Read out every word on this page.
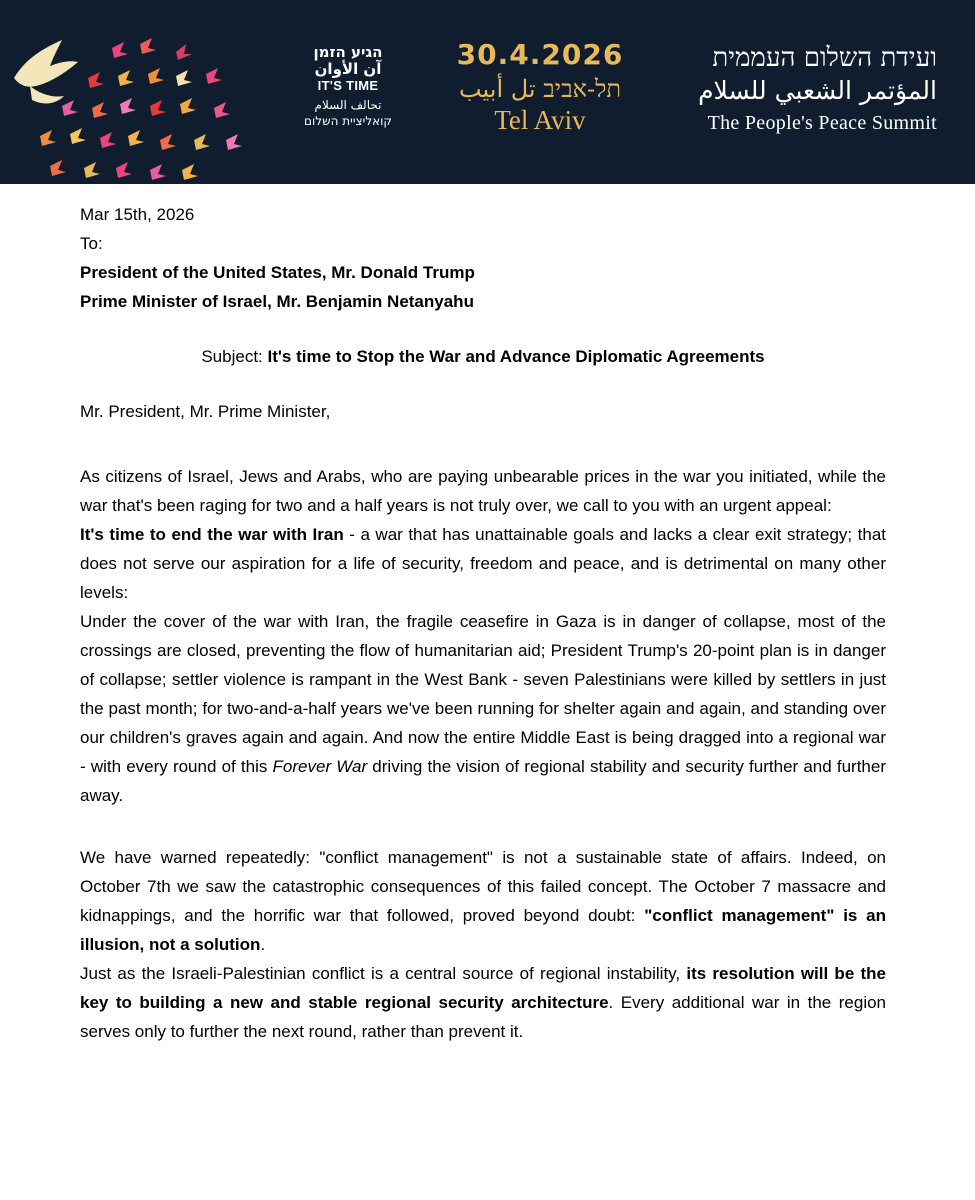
הגיע הזמן
آن الأوان
IT'S TIME
تحالف السلام
קואליציית השלום
30.4.2026
תל-אביב تل أبيب
Tel Aviv
ועידת השלום העממית
المؤتمر الشعبي للسلام
The People's Peace Summit

Mar 15th, 2026

To:

President of the United States, Mr. Donald Trump

Prime Minister of Israel, Mr. Benjamin Netanyahu

Subject: It's time to Stop the War and Advance Diplomatic Agreements

Mr. President, Mr. Prime Minister,

As citizens of Israel, Jews and Arabs, who are paying unbearable prices in the war you initiated, while the war that's been raging for two and a half years is not truly over, we call to you with an urgent appeal:

It's time to end the war with Iran - a war that has unattainable goals and lacks a clear exit strategy; that does not serve our aspiration for a life of security, freedom and peace, and is detrimental on many other levels:

Under the cover of the war with Iran, the fragile ceasefire in Gaza is in danger of collapse, most of the crossings are closed, preventing the flow of humanitarian aid; President Trump's 20-point plan is in danger of collapse; settler violence is rampant in the West Bank - seven Palestinians were killed by settlers in just the past month; for two-and-a-half years we've been running for shelter again and again, and standing over our children's graves again and again. And now the entire Middle East is being dragged into a regional war - with every round of this Forever War driving the vision of regional stability and security further and further away.

We have warned repeatedly: "conflict management" is not a sustainable state of affairs. Indeed, on October 7th we saw the catastrophic consequences of this failed concept. The October 7 massacre and kidnappings, and the horrific war that followed, proved beyond doubt: "conflict management" is an illusion, not a solution.

Just as the Israeli-Palestinian conflict is a central source of regional instability, its resolution will be the key to building a new and stable regional security architecture. Every additional war in the region serves only to further the next round, rather than prevent it.
